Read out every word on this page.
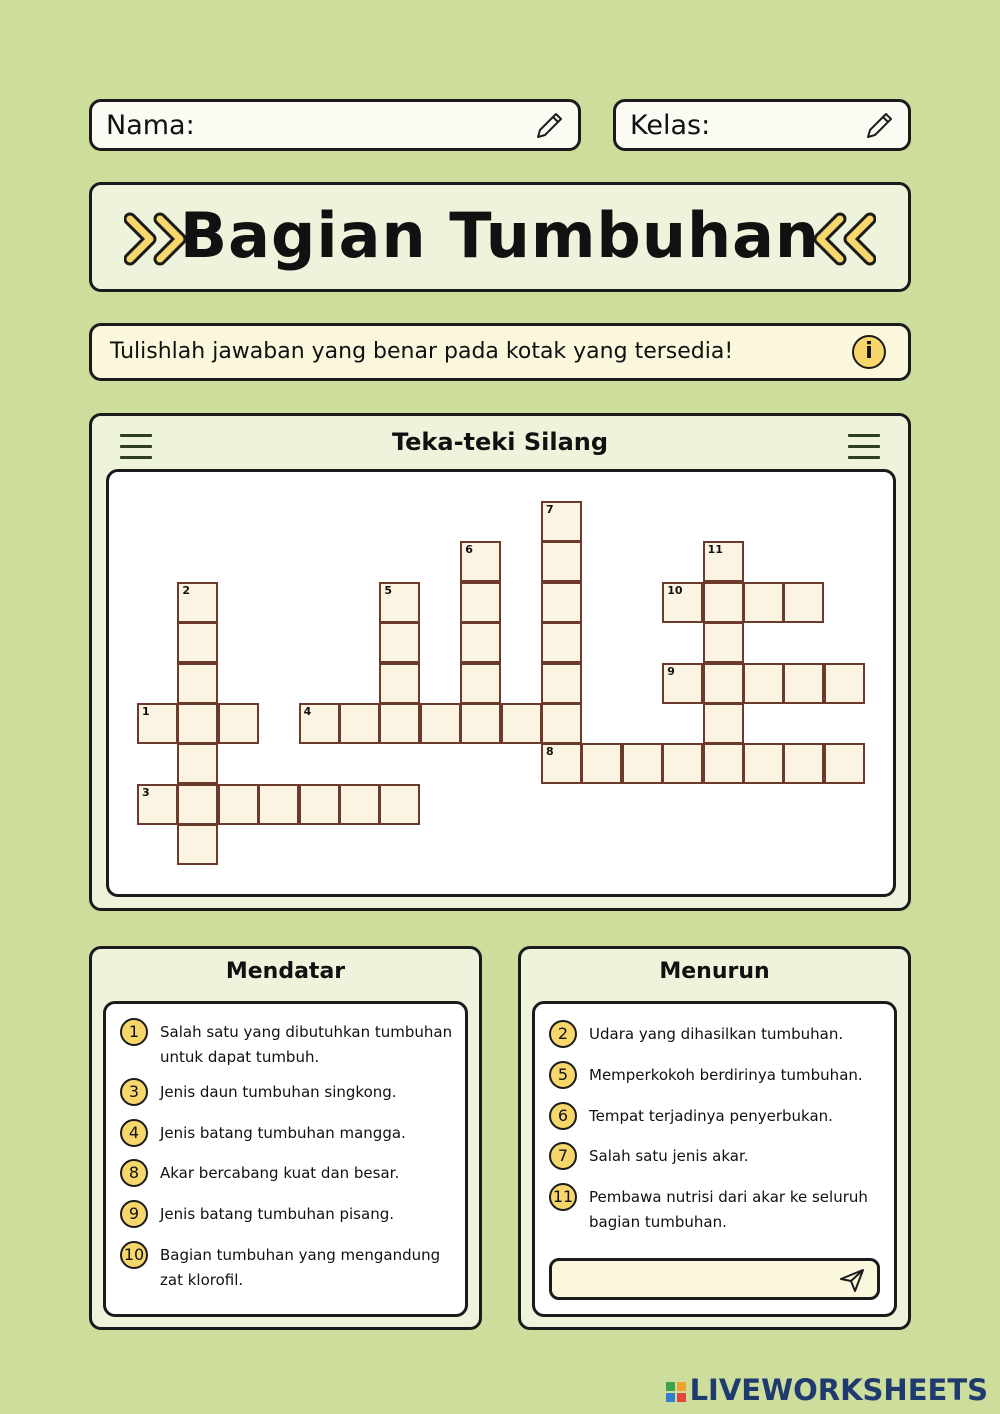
Nama:	Kelas:
Bagian Tumbuhan
Tulishlah jawaban yang benar pada kotak yang tersedia!	i
Teka-teki Silang
1
2
3
4
5
6
7
8
9
10
11
Mendatar
1	Salah satu yang dibutuhkan tumbuhan untuk dapat tumbuh.
3	Jenis daun tumbuhan singkong.
4	Jenis batang tumbuhan mangga.
8	Akar bercabang kuat dan besar.
9	Jenis batang tumbuhan pisang.
10 Bagian tumbuhan yang mengandung zat klorofil.
Menurun
2	Udara yang dihasilkan tumbuhan.
5	Memperkokoh berdirinya tumbuhan.
6	Tempat terjadinya penyerbukan.
7	Salah satu jenis akar.
11 Pembawa nutrisi dari akar ke seluruh bagian tumbuhan.
LIVEWORKSHEETS
